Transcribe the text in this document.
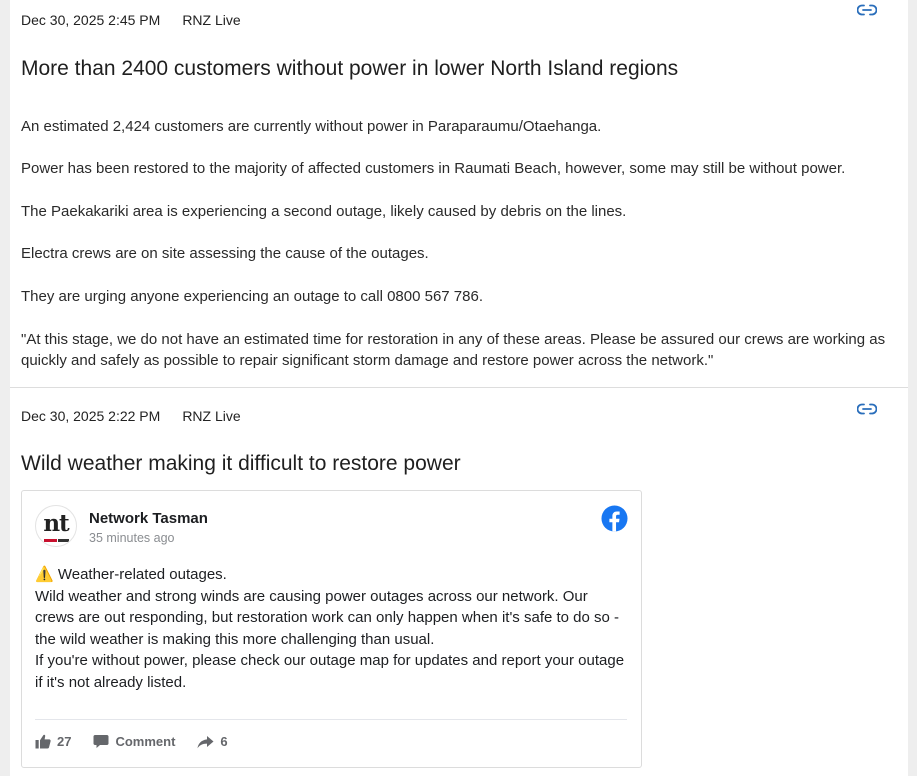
Dec 30, 2025 2:45 PM RNZ Live
More than 2400 customers without power in lower North Island regions

An estimated 2,424 customers are currently without power in Paraparaumu/Otaehanga.

Power has been restored to the majority of affected customers in Raumati Beach, however, some may still be without power.

The Paekakariki area is experiencing a second outage, likely caused by debris on the lines.

Electra crews are on site assessing the cause of the outages.

They are urging anyone experiencing an outage to call 0800 567 786.

"At this stage, we do not have an estimated time for restoration in any of these areas. Please be assured our crews are working as quickly and safely as possible to repair significant storm damage and restore power across the network."

Dec 30, 2025 2:22 PM RNZ Live
Wild weather making it difficult to restore power
nt	Network Tasman
35 minutes ago

⚠️ Weather-related outages.

Wild weather and strong winds are causing power outages across our network. Our crews are out responding, but restoration work can only happen when it's safe to do so - the wild weather is making this more challenging than usual.

If you're without power, please check our outage map for updates and report your outage if it's not already listed.

27	Comment	6
